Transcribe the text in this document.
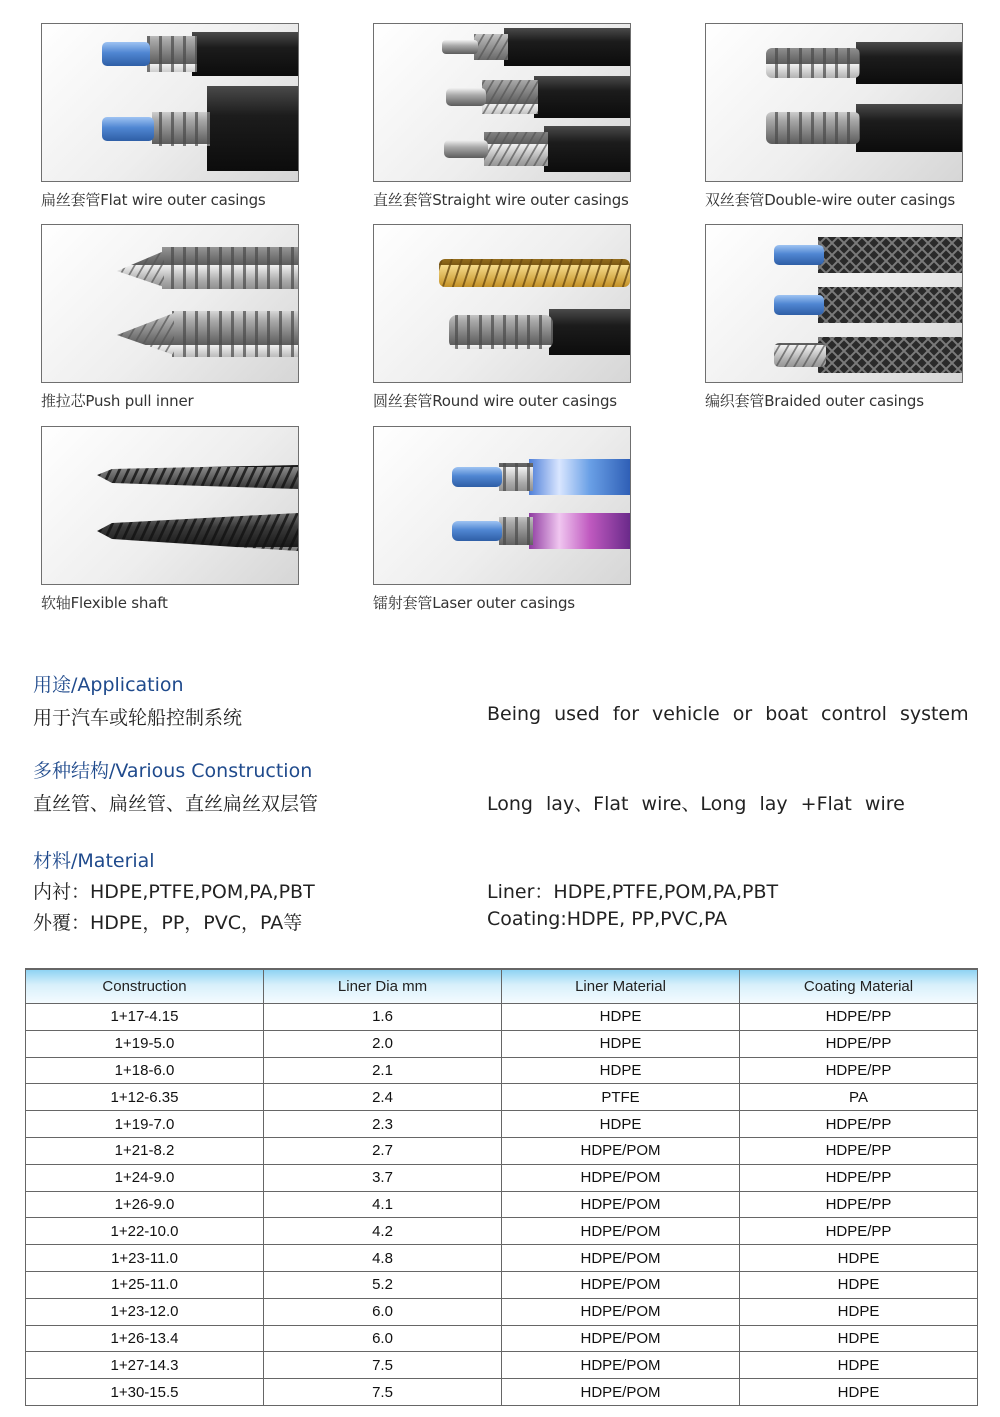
扁丝套管Flat wire outer casings	直丝套管Straight wire outer casings	双丝套管Double-wire outer casings
推拉芯Push pull inner	圆丝套管Round wire outer casings	编织套管Braided outer casings
软轴Flexible shaft	镭射套管Laser outer casings
用途/Application
用于汽车或轮船控制系统	Being used for vehicle or boat control system
多种结构/Various Construction
直丝管、扁丝管、直丝扁丝双层管	Long lay、Flat wire、Long lay +Flat wire
材料/Material
内衬：HDPE,PTFE,POM,PA,PBT	Liner：HDPE,PTFE,POM,PA,PBT
外覆：HDPE，PP，PVC，PA等	Coating:HDPE, PP,PVC,PA
Construction	Liner Dia mm	Liner Material	Coating Material
1+17-4.15	1.6	HDPE	HDPE/PP
1+19-5.0	2.0	HDPE	HDPE/PP
1+18-6.0	2.1	HDPE	HDPE/PP
1+12-6.35	2.4	PTFE	PA
1+19-7.0	2.3	HDPE	HDPE/PP
1+21-8.2	2.7	HDPE/POM	HDPE/PP
1+24-9.0	3.7	HDPE/POM	HDPE/PP
1+26-9.0	4.1	HDPE/POM	HDPE/PP
1+22-10.0	4.2	HDPE/POM	HDPE/PP
1+23-11.0	4.8	HDPE/POM	HDPE
1+25-11.0	5.2	HDPE/POM	HDPE
1+23-12.0	6.0	HDPE/POM	HDPE
1+26-13.4	6.0	HDPE/POM	HDPE
1+27-14.3	7.5	HDPE/POM	HDPE
1+30-15.5	7.5	HDPE/POM	HDPE
